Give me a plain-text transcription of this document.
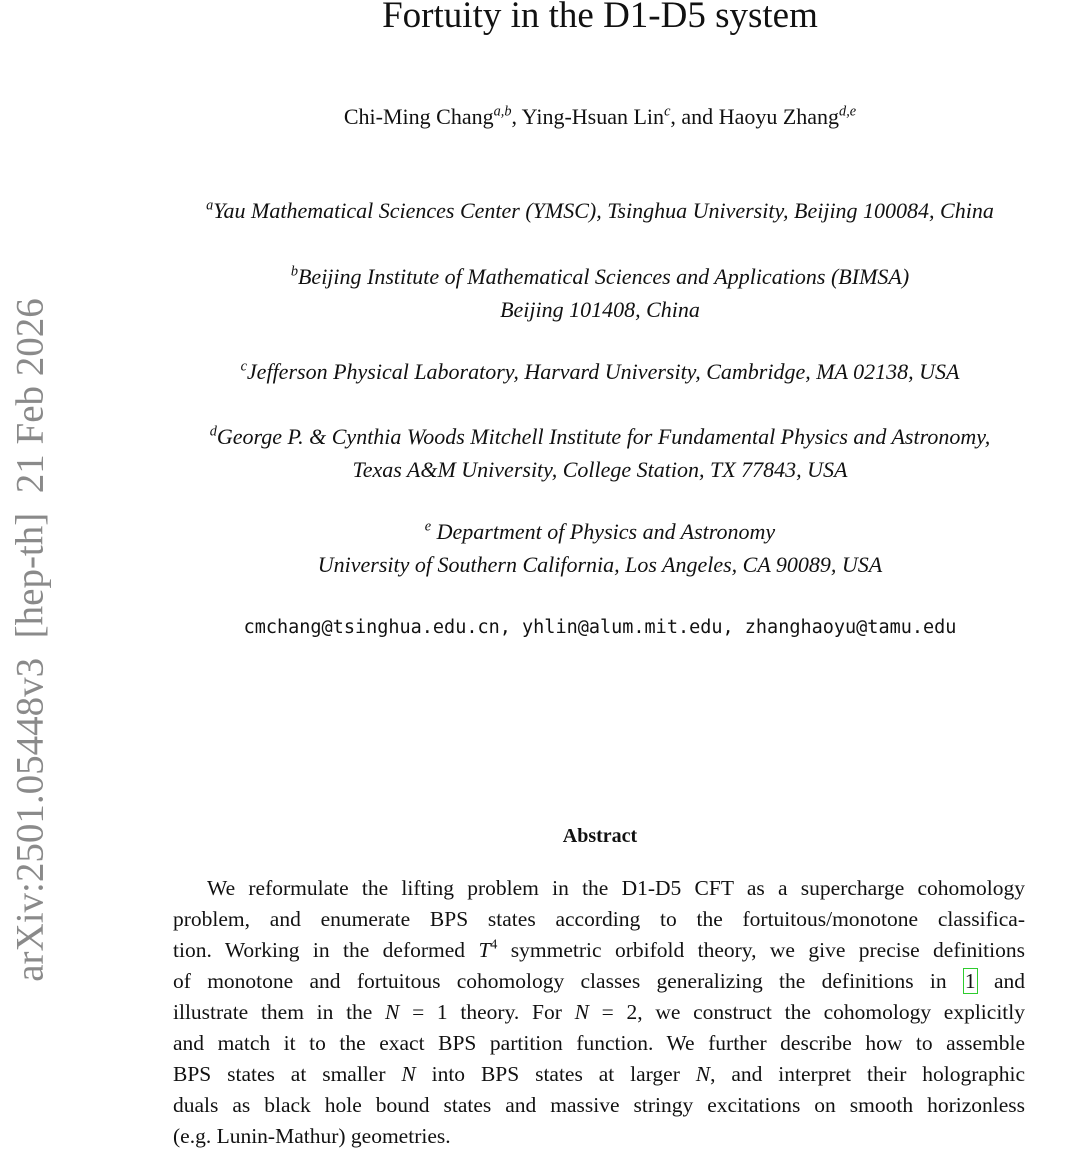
arXiv:2501.05448v3  [hep-th]  21 Feb 2026
Fortuity in the D1-D5 system
Chi-Ming Chang$^{a,b}$, Ying-Hsuan Lin$^c$, and Haoyu Zhang$^{d,e}$
$^a$Yau Mathematical Sciences Center (YMSC), Tsinghua University, Beijing 100084, China
$^b$Beijing Institute of Mathematical Sciences and Applications (BIMSA)
Beijing 101408, China
$^c$Jefferson Physical Laboratory, Harvard University, Cambridge, MA 02138, USA
$^d$George P. & Cynthia Woods Mitchell Institute for Fundamental Physics and Astronomy,
Texas A&M University, College Station, TX 77843, USA
$^e$ Department of Physics and Astronomy
University of Southern California, Los Angeles, CA 90089, USA
cmchang@tsinghua.edu.cn, yhlin@alum.mit.edu, zhanghaoyu@tamu.edu
Abstract
We reformulate the lifting problem in the D1-D5 CFT as a supercharge cohomology
problem, and enumerate BPS states according to the fortuitous/monotone classifica-
tion. Working in the deformed $T^4$ symmetric orbifold theory, we give precise definitions
of monotone and fortuitous cohomology classes generalizing the definitions in 1 and
illustrate them in the N = 1 theory. For N = 2, we construct the cohomology explicitly
and match it to the exact BPS partition function. We further describe how to assemble
BPS states at smaller N into BPS states at larger N, and interpret their holographic
duals as black hole bound states and massive stringy excitations on smooth horizonless
(e.g. Lunin-Mathur) geometries.
